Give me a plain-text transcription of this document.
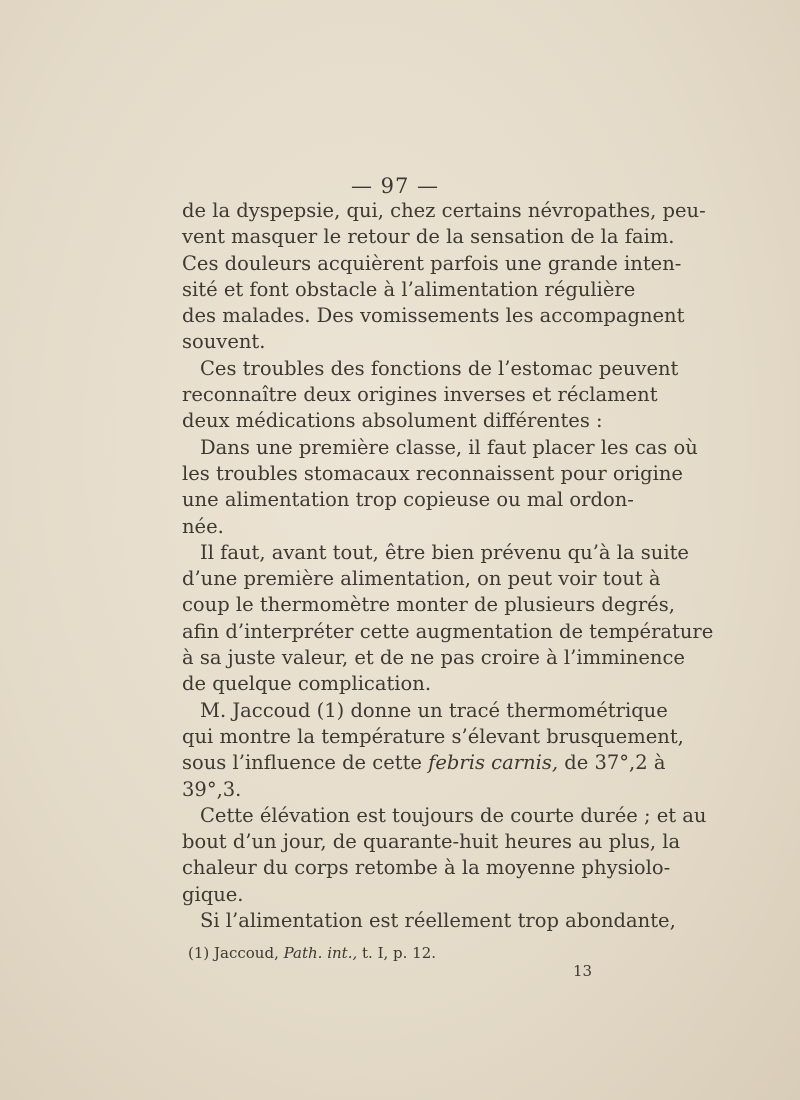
— 97 —
de la dyspepsie, qui, chez certains névropathes, peu-
vent masquer le retour de la sensation de la faim.
Ces douleurs acquièrent parfois une grande inten-
sité et font obstacle à l’alimentation régulière
des malades. Des vomissements les accompagnent
souvent.
Ces troubles des fonctions de l’estomac peuvent
reconnaître deux origines inverses et réclament
deux médications absolument différentes :
Dans une première classe, il faut placer les cas où
les troubles stomacaux reconnaissent pour origine
une alimentation trop copieuse ou mal ordon-
née.
Il faut, avant tout, être bien prévenu qu’à la suite
d’une première alimentation, on peut voir tout à
coup le thermomètre monter de plusieurs degrés,
afin d’interpréter cette augmentation de température
à sa juste valeur, et de ne pas croire à l’imminence
de quelque complication.
M. Jaccoud (1) donne un tracé thermométrique
qui montre la température s’élevant brusquement,
sous l’influence de cette febris carnis, de 37°,2 à
39°,3.
Cette élévation est toujours de courte durée ; et au
bout d’un jour, de quarante-huit heures au plus, la
chaleur du corps retombe à la moyenne physiolo-
gique.
Si l’alimentation est réellement trop abondante,
(1) Jaccoud, Path. int., t. I, p. 12.
13
